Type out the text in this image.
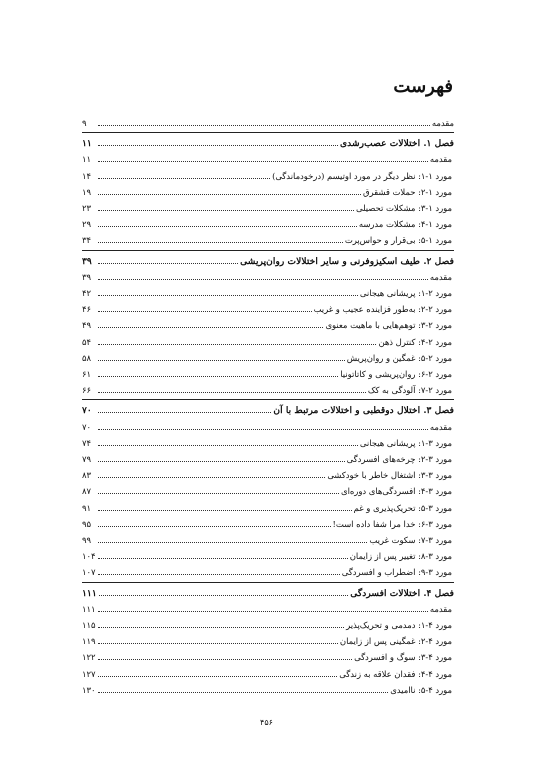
فهرست
مقدمه
۹
فصل ۱. اختلالات عصب‌رشدی
۱۱
مقدمه
۱۱
مورد ۱-۱: نظر دیگر در مورد اوتیسم (درخودماندگی)
۱۴
مورد ۱-۲: حملات قشقرق
۱۹
مورد ۱-۳: مشکلات تحصیلی
۲۳
مورد ۱-۴: مشکلات مدرسه
۲۹
مورد ۱-۵: بی‌قرار و حواس‌پرت
۳۴
فصل ۲. طیف اسکیزوفرنی و سایر اختلالات روان‌پریشی
۳۹
مقدمه
۳۹
مورد ۲-۱: پریشانی هیجانی
۴۲
مورد ۲-۲: به‌طور فزاینده عجیب و غریب
۴۶
مورد ۲-۳: توهم‌هایی با ماهیت معنوی
۴۹
مورد ۲-۴: کنترل ذهن
۵۴
مورد ۲-۵: غمگین و روان‌پریش
۵۸
مورد ۲-۶: روان‌پریشی و کاتاتونیا
۶۱
مورد ۲-۷: آلودگی به کک
۶۶
فصل ۳. اختلال دوقطبی و اختلالات مرتبط با آن
۷۰
مقدمه
۷۰
مورد ۳-۱: پریشانی هیجانی
۷۴
مورد ۳-۲: چرخه‌های افسردگی
۷۹
مورد ۳-۳: اشتغال خاطر با خودکشی
۸۳
مورد ۳-۴: افسردگی‌های دوره‌ای
۸۷
مورد ۳-۵: تحریک‌پذیری و غم
۹۱
مورد ۳-۶: خدا مرا شفا داده است!
۹۵
مورد ۳-۷: سکوت غریب
۹۹
مورد ۳-۸: تغییر پس از زایمان
۱۰۴
مورد ۳-۹: اضطراب و افسردگی
۱۰۷
فصل ۴. اختلالات افسردگی
۱۱۱
مقدمه
۱۱۱
مورد ۴-۱: دمدمی و تحریک‌پذیر
۱۱۵
مورد ۴-۲: غمگینی پس از زایمان
۱۱۹
مورد ۴-۳: سوگ و افسردگی
۱۲۲
مورد ۴-۴: فقدان علاقه به زندگی
۱۲۷
مورد ۴-۵: ناامیدی
۱۳۰
۴۵۶
